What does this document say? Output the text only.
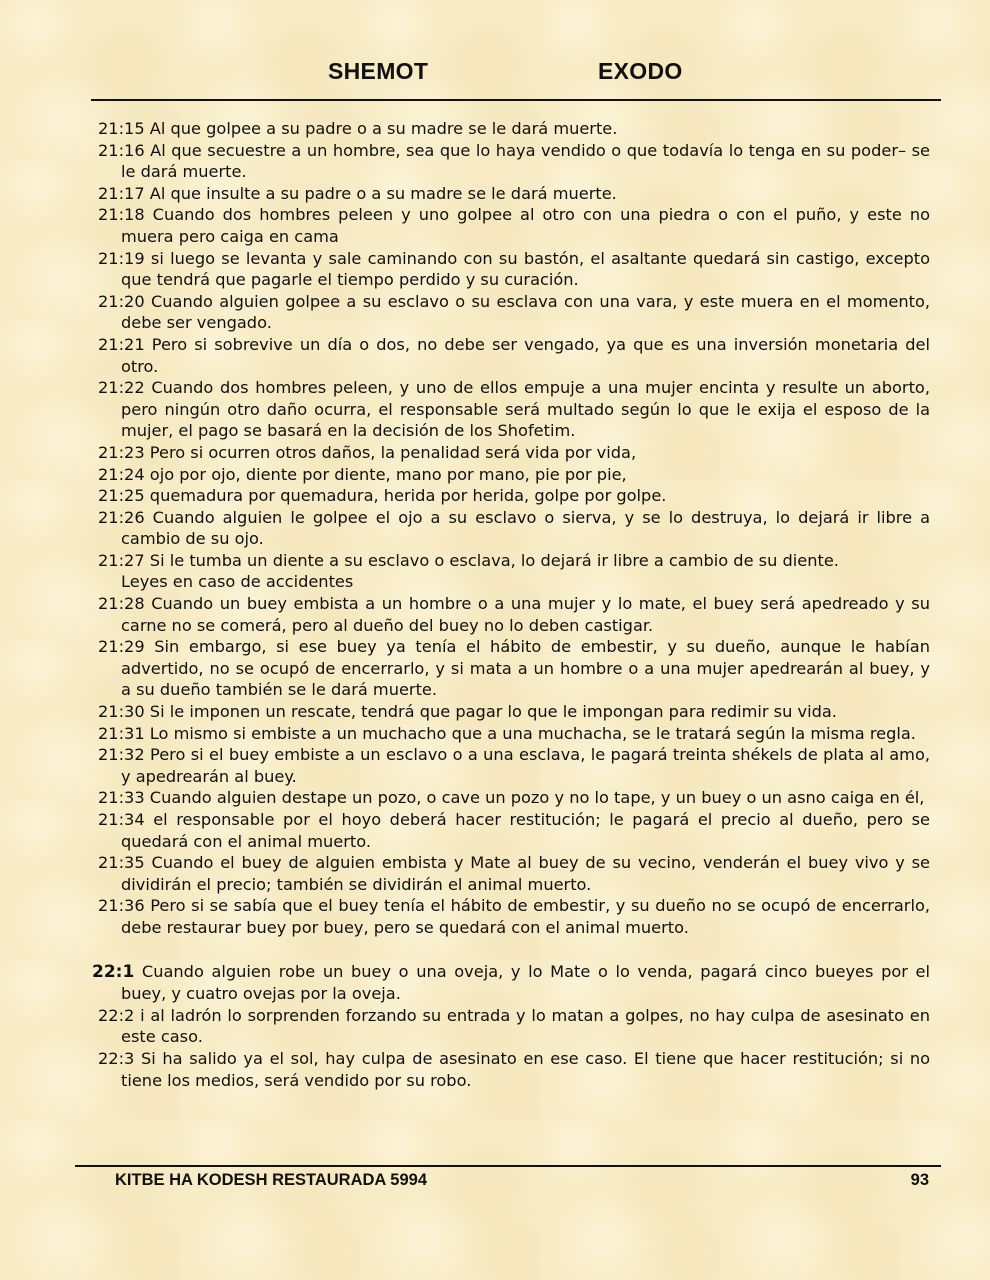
SHEMOT	EXODO

21:15 Al que golpee a su padre o a su madre se le dará muerte.

21:16 Al que secuestre a un hombre, sea que lo haya vendido o que todavía lo tenga en su poder– se le dará muerte.

21:17 Al que insulte a su padre o a su madre se le dará muerte.

21:18 Cuando dos hombres peleen y uno golpee al otro con una piedra o con el puño, y este no muera pero caiga en cama

21:19 si luego se levanta y sale caminando con su bastón, el asaltante quedará sin castigo, excepto que tendrá que pagarle el tiempo perdido y su curación.

21:20 Cuando alguien golpee a su esclavo o su esclava con una vara, y este muera en el momento, debe ser vengado.

21:21 Pero si sobrevive un día o dos, no debe ser vengado, ya que es una inversión monetaria del otro.

21:22 Cuando dos hombres peleen, y uno de ellos empuje a una mujer encinta y resulte un aborto, pero ningún otro daño ocurra, el responsable será multado según lo que le exija el esposo de la mujer, el pago se basará en la decisión de los Shofetim.

21:23 Pero si ocurren otros daños, la penalidad será vida por vida,

21:24 ojo por ojo, diente por diente, mano por mano, pie por pie,

21:25 quemadura por quemadura, herida por herida, golpe por golpe.

21:26 Cuando alguien le golpee el ojo a su esclavo o sierva, y se lo destruya, lo dejará ir libre a cambio de su ojo.

21:27 Si le tumba un diente a su esclavo o esclava, lo dejará ir libre a cambio de su diente.

Leyes en caso de accidentes

21:28 Cuando un buey embista a un hombre o a una mujer y lo mate, el buey será apedreado y su carne no se comerá, pero al dueño del buey no lo deben castigar.

21:29 Sin embargo, si ese buey ya tenía el hábito de embestir, y su dueño, aunque le habían advertido, no se ocupó de encerrarlo, y si mata a un hombre o a una mujer apedrearán al buey, y a su dueño también se le dará muerte.

21:30 Si le imponen un rescate, tendrá que pagar lo que le impongan para redimir su vida.

21:31 Lo mismo si embiste a un muchacho que a una muchacha, se le tratará según la misma regla.

21:32 Pero si el buey embiste a un esclavo o a una esclava, le pagará treinta shékels de plata al amo, y apedrearán al buey.

21:33 Cuando alguien destape un pozo, o cave un pozo y no lo tape, y un buey o un asno caiga en él,

21:34 el responsable por el hoyo deberá hacer restitución; le pagará el precio al dueño, pero se quedará con el animal muerto.

21:35 Cuando el buey de alguien embista y Mate al buey de su vecino, venderán el buey vivo y se dividirán el precio; también se dividirán el animal muerto.

21:36 Pero si se sabía que el buey tenía el hábito de embestir, y su dueño no se ocupó de encerrarlo, debe restaurar buey por buey, pero se quedará con el animal muerto.

22:1 Cuando alguien robe un buey o una oveja, y lo Mate o lo venda, pagará cinco bueyes por el buey, y cuatro ovejas por la oveja.

22:2 i al ladrón lo sorprenden forzando su entrada y lo matan a golpes, no hay culpa de asesinato en este caso.

22:3 Si ha salido ya el sol, hay culpa de asesinato en ese caso. El tiene que hacer restitución; si no tiene los medios, será vendido por su robo.

KITBE HA KODESH RESTAURADA 5994	93
